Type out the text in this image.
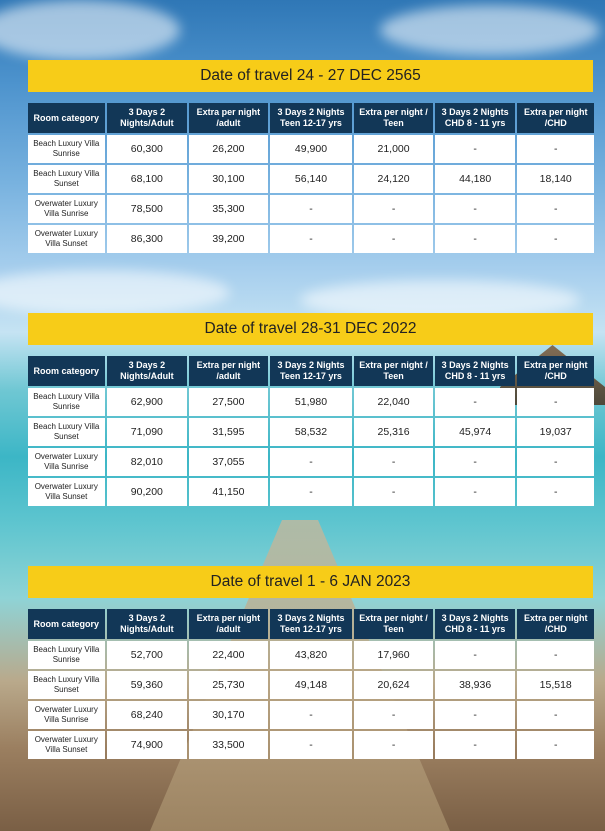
Date of travel 24 - 27 DEC 2565
Room category	3 Days 2 Nights/Adult	Extra per night /adult	3 Days 2 Nights Teen 12-17 yrs	Extra per night / Teen	3 Days 2 Nights CHD 8 - 11 yrs	Extra per night /CHD
Beach Luxury Villa Sunrise	60,300	26,200	49,900	21,000	-	-
Beach Luxury Villa Sunset	68,100	30,100	56,140	24,120	44,180	18,140
Overwater Luxury Villa Sunrise	78,500	35,300	-	-	-	-
Overwater Luxury Villa Sunset	86,300	39,200	-	-	-	-
Date of travel 28-31 DEC 2022
Room category	3 Days 2 Nights/Adult	Extra per night /adult	3 Days 2 Nights Teen 12-17 yrs	Extra per night / Teen	3 Days 2 Nights CHD 8 - 11 yrs	Extra per night /CHD
Beach Luxury Villa Sunrise	62,900	27,500	51,980	22,040	-	-
Beach Luxury Villa Sunset	71,090	31,595	58,532	25,316	45,974	19,037
Overwater Luxury Villa Sunrise	82,010	37,055	-	-	-	-
Overwater Luxury Villa Sunset	90,200	41,150	-	-	-	-
Date of travel 1 - 6 JAN 2023
Room category	3 Days 2 Nights/Adult	Extra per night /adult	3 Days 2 Nights Teen 12-17 yrs	Extra per night / Teen	3 Days 2 Nights CHD 8 - 11 yrs	Extra per night /CHD
Beach Luxury Villa Sunrise	52,700	22,400	43,820	17,960	-	-
Beach Luxury Villa Sunset	59,360	25,730	49,148	20,624	38,936	15,518
Overwater Luxury Villa Sunrise	68,240	30,170	-	-	-	-
Overwater Luxury Villa Sunset	74,900	33,500	-	-	-	-
